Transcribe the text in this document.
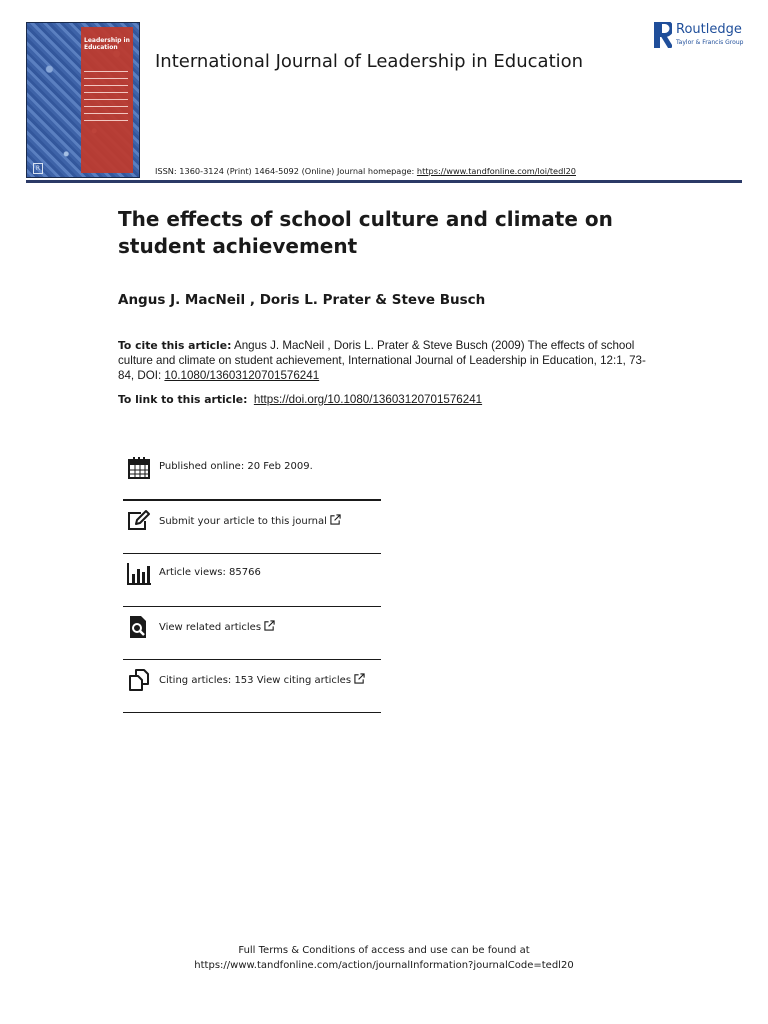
Leadership in Education
R
International Journal of Leadership in Education
Routledge
Taylor & Francis Group
ISSN: 1360-3124 (Print) 1464-5092 (Online) Journal homepage: https://www.tandfonline.com/loi/tedl20
The effects of school culture and climate on student achievement
Angus J. MacNeil , Doris L. Prater & Steve Busch
To cite this article: Angus J. MacNeil , Doris L. Prater & Steve Busch (2009) The effects of school culture and climate on student achievement, International Journal of Leadership in Education, 12:1, 73-84, DOI: 10.1080/13603120701576241
To link to this article: https://doi.org/10.1080/13603120701576241
Published online: 20 Feb 2009.
Submit your article to this journal
Article views: 85766
View related articles
Citing articles: 153 View citing articles
Full Terms & Conditions of access and use can be found at
https://www.tandfonline.com/action/journalInformation?journalCode=tedl20
